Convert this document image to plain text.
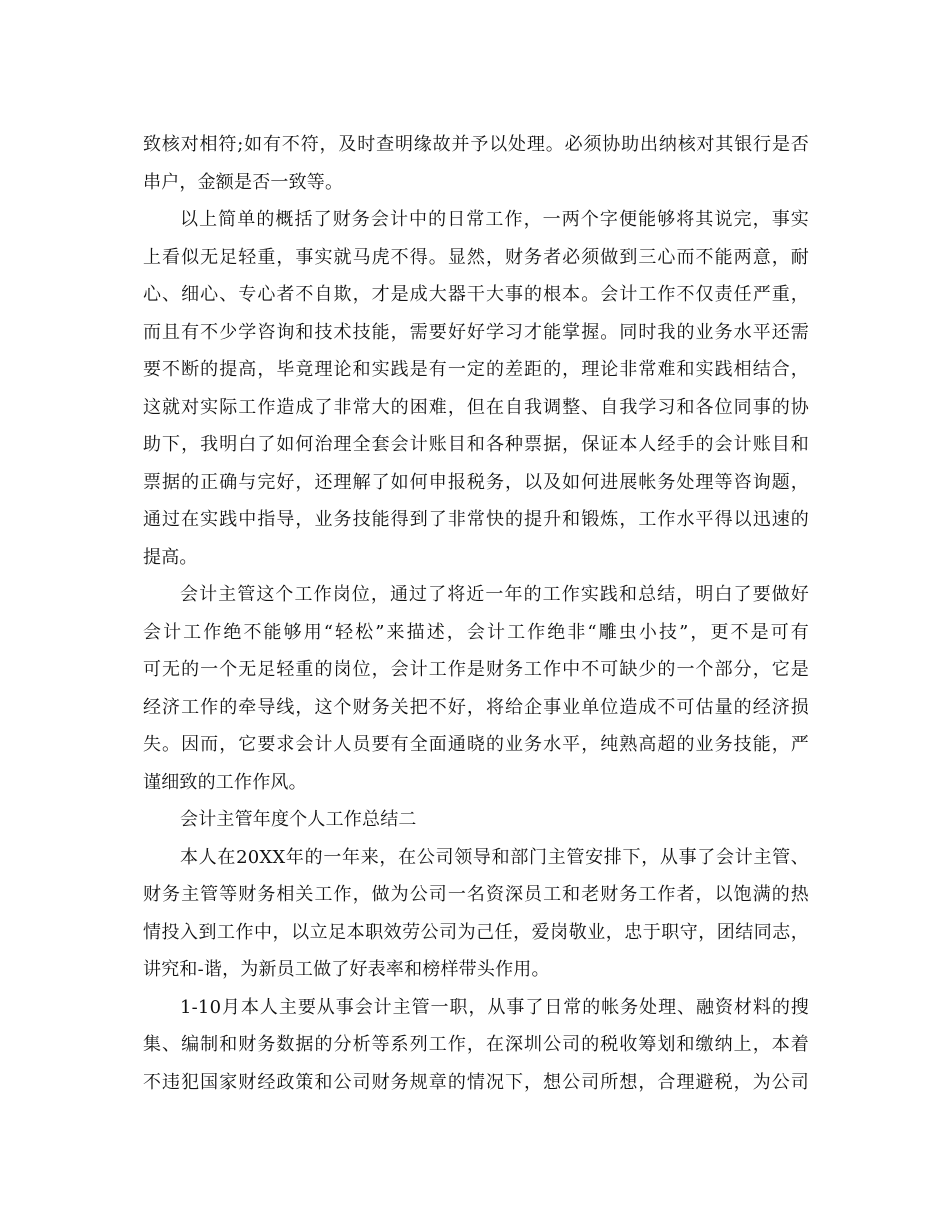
致核对相符;如有不符，及时查明缘故并予以处理。必须协助出纳核对其银行是否
串户，金额是否一致等。
以上简单的概括了财务会计中的日常工作，一两个字便能够将其说完，事实
上看似无足轻重，事实就马虎不得。显然，财务者必须做到三心而不能两意，耐
心、细心、专心者不自欺，才是成大器干大事的根本。会计工作不仅责任严重，
而且有不少学咨询和技术技能，需要好好学习才能掌握。同时我的业务水平还需
要不断的提高，毕竟理论和实践是有一定的差距的，理论非常难和实践相结合，
这就对实际工作造成了非常大的困难，但在自我调整、自我学习和各位同事的协
助下，我明白了如何治理全套会计账目和各种票据，保证本人经手的会计账目和
票据的正确与完好，还理解了如何申报税务，以及如何进展帐务处理等咨询题，
通过在实践中指导，业务技能得到了非常快的提升和锻炼，工作水平得以迅速的
提高。
会计主管这个工作岗位，通过了将近一年的工作实践和总结，明白了要做好
会计工作绝不能够用“轻松”来描述，会计工作绝非“雕虫小技”，更不是可有
可无的一个无足轻重的岗位，会计工作是财务工作中不可缺少的一个部分，它是
经济工作的牵导线，这个财务关把不好，将给企事业单位造成不可估量的经济损
失。因而，它要求会计人员要有全面通晓的业务水平，纯熟高超的业务技能，严
谨细致的工作作风。
会计主管年度个人工作总结二
本人在20XX年的一年来，在公司领导和部门主管安排下，从事了会计主管、
财务主管等财务相关工作，做为公司一名资深员工和老财务工作者，以饱满的热
情投入到工作中，以立足本职效劳公司为己任，爱岗敬业，忠于职守，团结同志，
讲究和-谐，为新员工做了好表率和榜样带头作用。
1-10月本人主要从事会计主管一职，从事了日常的帐务处理、融资材料的搜
集、编制和财务数据的分析等系列工作，在深圳公司的税收筹划和缴纳上，本着
不违犯国家财经政策和公司财务规章的情况下，想公司所想，合理避税，为公司
